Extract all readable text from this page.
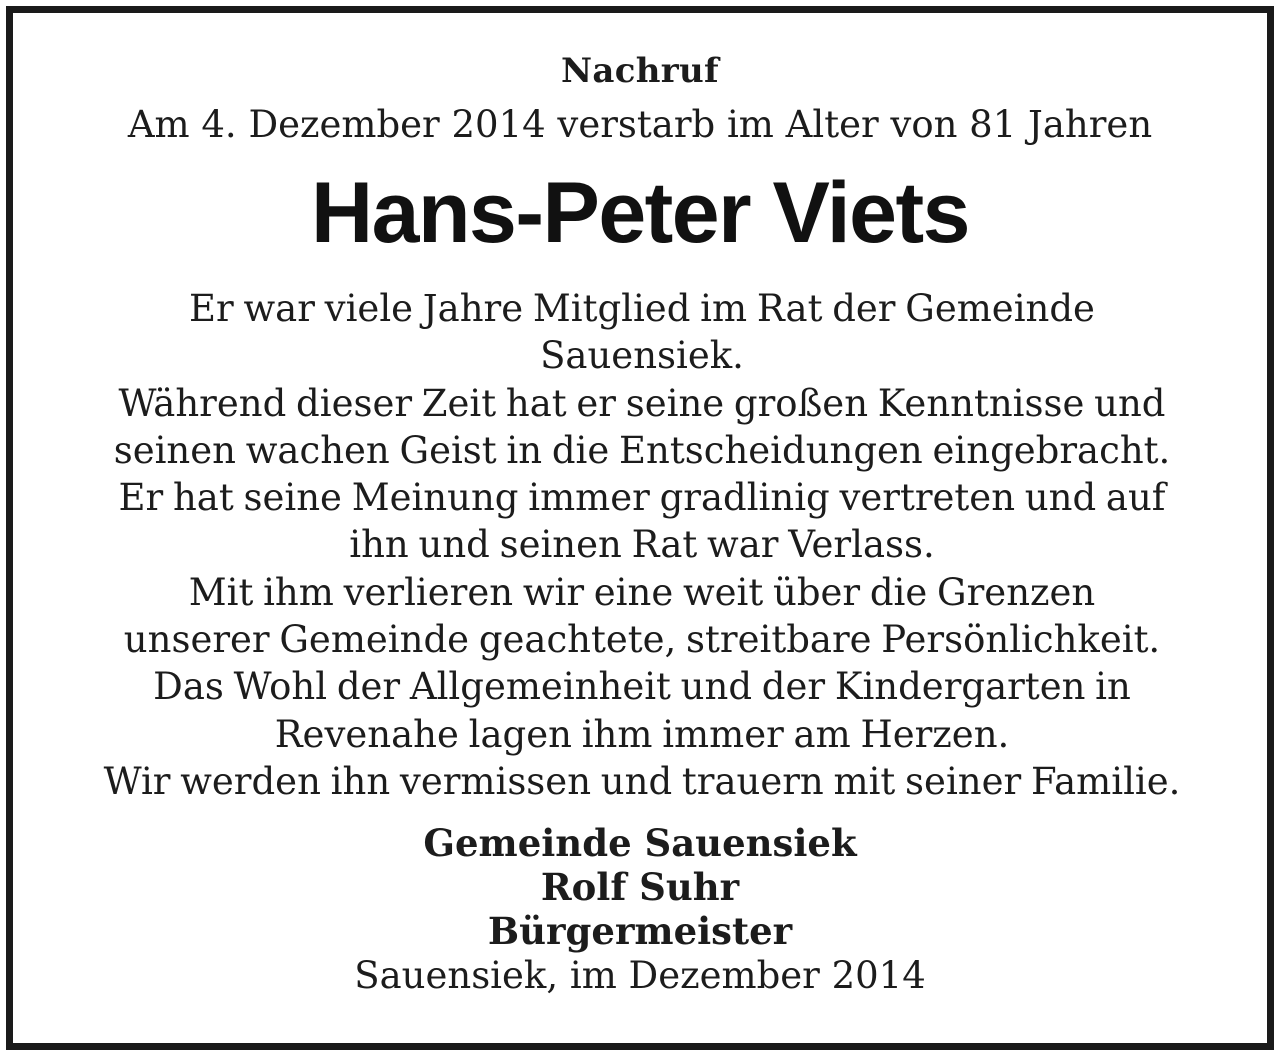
Nachruf
Am 4. Dezember 2014 verstarb im Alter von 81 Jahren
Hans-Peter Viets

Er war viele Jahre Mitglied im Rat der Gemeinde

Sauensiek.

Während dieser Zeit hat er seine großen Kenntnisse und

seinen wachen Geist in die Entscheidungen eingebracht.

Er hat seine Meinung immer gradlinig vertreten und auf

ihn und seinen Rat war Verlass.

Mit ihm verlieren wir eine weit über die Grenzen

unserer Gemeinde geachtete, streitbare Persönlichkeit.

Das Wohl der Allgemeinheit und der Kindergarten in

Revenahe lagen ihm immer am Herzen.

Wir werden ihn vermissen und trauern mit seiner Familie.

Gemeinde Sauensiek
Rolf Suhr
Bürgermeister
Sauensiek, im Dezember 2014
